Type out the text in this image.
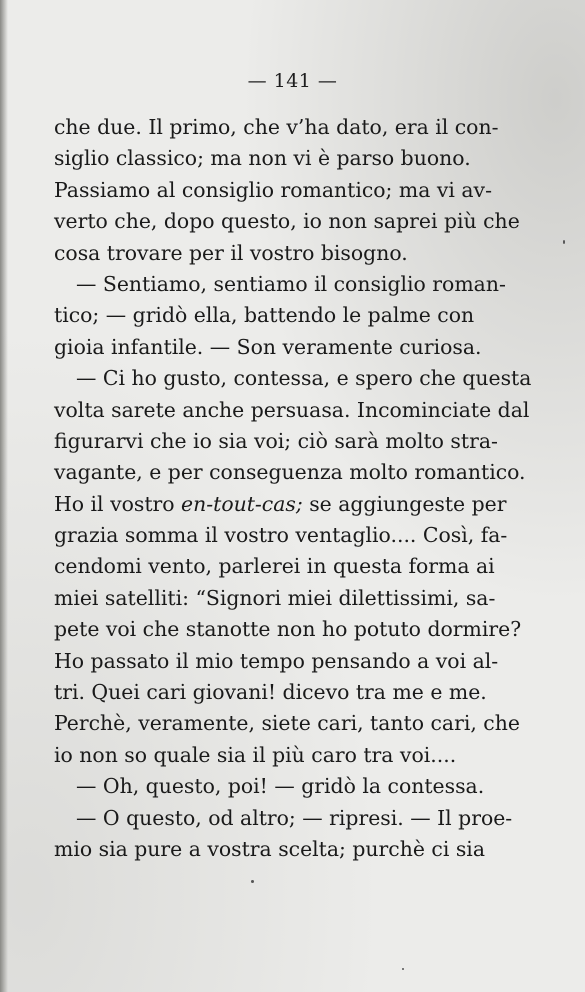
— 141 —
che due. Il primo, che v’ha dato, era il con-
siglio classico; ma non vi è parso buono.
Passiamo al consiglio romantico; ma vi av-
verto che, dopo questo, io non saprei più che
cosa trovare per il vostro bisogno.
— Sentiamo, sentiamo il consiglio roman-
tico; — gridò ella, battendo le palme con
gioia infantile. — Son veramente curiosa.
— Ci ho gusto, contessa, e spero che questa
volta sarete anche persuasa. Incominciate dal
figurarvi che io sia voi; ciò sarà molto stra-
vagante, e per conseguenza molto romantico.
Ho il vostro en-tout-cas; se aggiungeste per
grazia somma il vostro ventaglio.... Così, fa-
cendomi vento, parlerei in questa forma ai
miei satelliti: “Signori miei dilettissimi, sa-
pete voi che stanotte non ho potuto dormire?
Ho passato il mio tempo pensando a voi al-
tri. Quei cari giovani! dicevo tra me e me.
Perchè, veramente, siete cari, tanto cari, che
io non so quale sia il più caro tra voi....
— Oh, questo, poi! — gridò la contessa.
— O questo, od altro; — ripresi. — Il proe-
mio sia pure a vostra scelta; purchè ci sia
